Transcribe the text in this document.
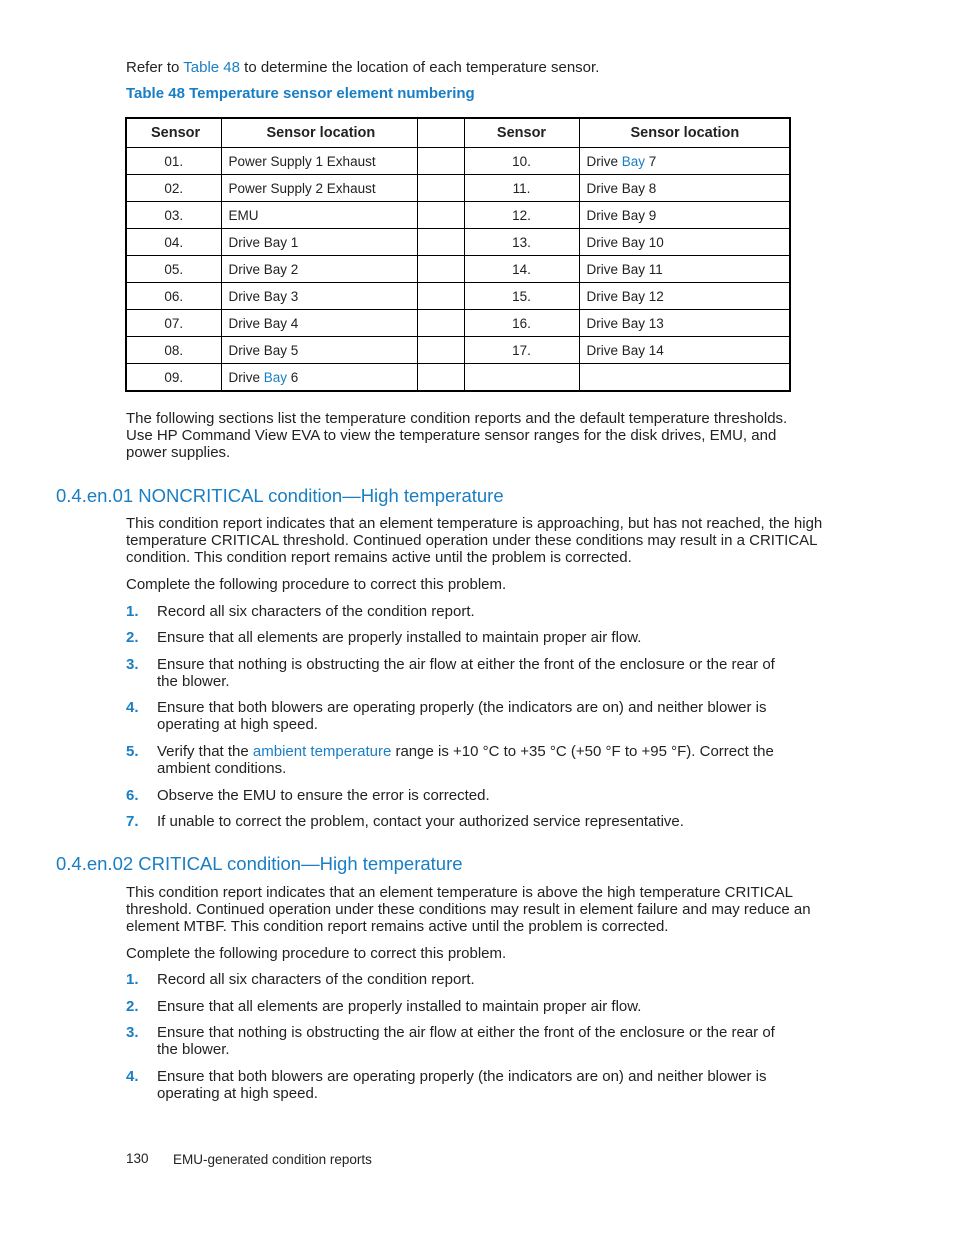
Refer to Table 48 to determine the location of each temperature sensor.
Table 48 Temperature sensor element numbering
Sensor	Sensor location		Sensor	Sensor location
01.	Power Supply 1 Exhaust		10.	Drive Bay 7
02.	Power Supply 2 Exhaust		11.	Drive Bay 8
03.	EMU		12.	Drive Bay 9
04.	Drive Bay 1		13.	Drive Bay 10
05.	Drive Bay 2		14.	Drive Bay 11
06.	Drive Bay 3		15.	Drive Bay 12
07.	Drive Bay 4		16.	Drive Bay 13
08.	Drive Bay 5		17.	Drive Bay 14
09.	Drive Bay 6			
The following sections list the temperature condition reports and the default temperature thresholds.
Use HP Command View EVA to view the temperature sensor ranges for the disk drives, EMU, and
power supplies.
0.4.en.01 NONCRITICAL condition—High temperature
This condition report indicates that an element temperature is approaching, but has not reached, the high
temperature CRITICAL threshold. Continued operation under these conditions may result in a CRITICAL
condition. This condition report remains active until the problem is corrected.
Complete the following procedure to correct this problem.
1.	Record all six characters of the condition report.
2.	Ensure that all elements are properly installed to maintain proper air flow.
3.	Ensure that nothing is obstructing the air flow at either the front of the enclosure or the rear of
the blower.
4.	Ensure that both blowers are operating properly (the indicators are on) and neither blower is
operating at high speed.
5.	Verify that the ambient temperature range is +10 °C to +35 °C (+50 °F to +95 °F). Correct the
ambient conditions.
6.	Observe the EMU to ensure the error is corrected.
7.	If unable to correct the problem, contact your authorized service representative.
0.4.en.02 CRITICAL condition—High temperature
This condition report indicates that an element temperature is above the high temperature CRITICAL
threshold. Continued operation under these conditions may result in element failure and may reduce an
element MTBF. This condition report remains active until the problem is corrected.
Complete the following procedure to correct this problem.
1.	Record all six characters of the condition report.
2.	Ensure that all elements are properly installed to maintain proper air flow.
3.	Ensure that nothing is obstructing the air flow at either the front of the enclosure or the rear of
the blower.
4.	Ensure that both blowers are operating properly (the indicators are on) and neither blower is
operating at high speed.
130 EMU-generated condition reports
